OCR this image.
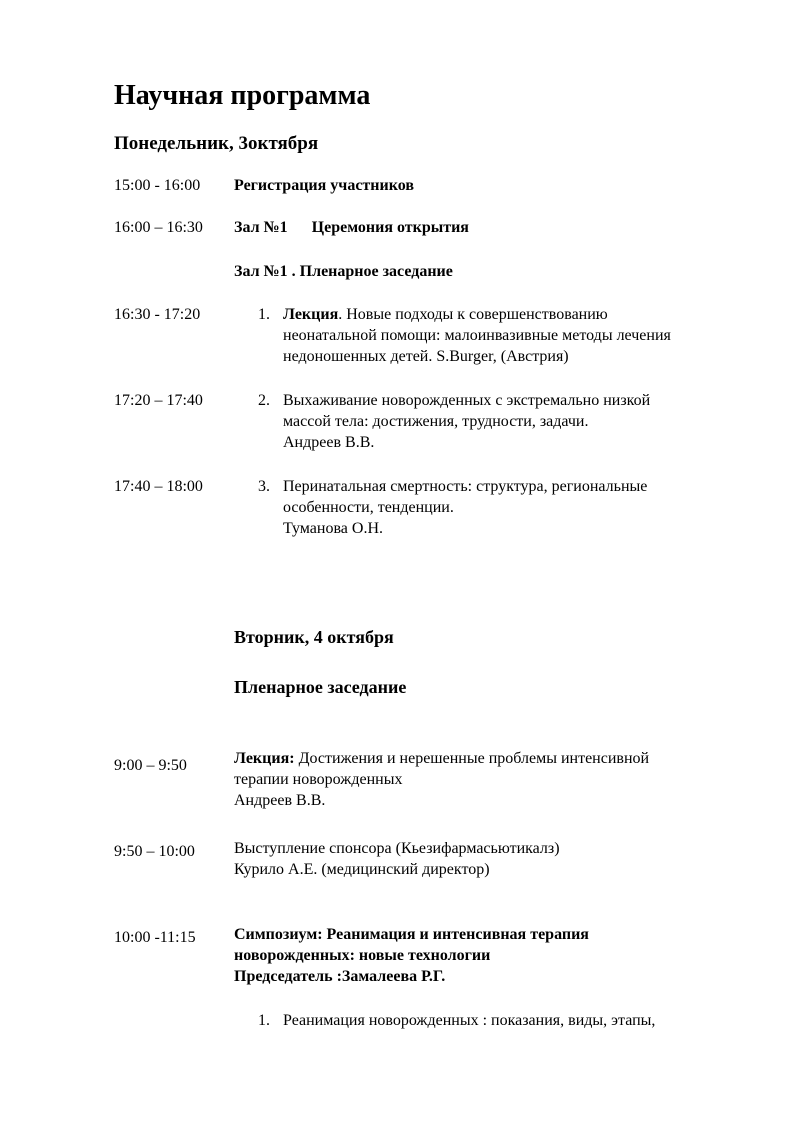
Научная программа
Понедельник, 3октября
15:00 - 16:00 Регистрация участников
16:00 – 16:30 Зал №1 Церемония открытия
Зал №1 . Пленарное заседание
16:30 - 17:20	1. Лекция. Новые подходы к совершенствованию
неонатальной помощи: малоинвазивные методы лечения
недоношенных детей. S.Burger, (Австрия)
17:20 – 17:40	2. Выхаживание новорожденных с экстремально низкой
массой тела: достижения, трудности, задачи.
Андреев В.В.
17:40 – 18:00	3. Перинатальная смертность: структура, региональные
особенности, тенденции.
Туманова О.Н.
Вторник, 4 октября
Пленарное заседание
9:00 – 9:50	Лекция: Достижения и нерешенные проблемы интенсивной
терапии новорожденных
Андреев В.В.
9:50 – 10:00 Выступление спонсора (Кьезифармасьютикалз)
Курило А.Е. (медицинский директор)
10:00 -11:15 Симпозиум: Реанимация и интенсивная терапия
новорожденных: новые технологии
Председатель :Замалеева Р.Г.
1. Реанимация новорожденных : показания, виды, этапы,
